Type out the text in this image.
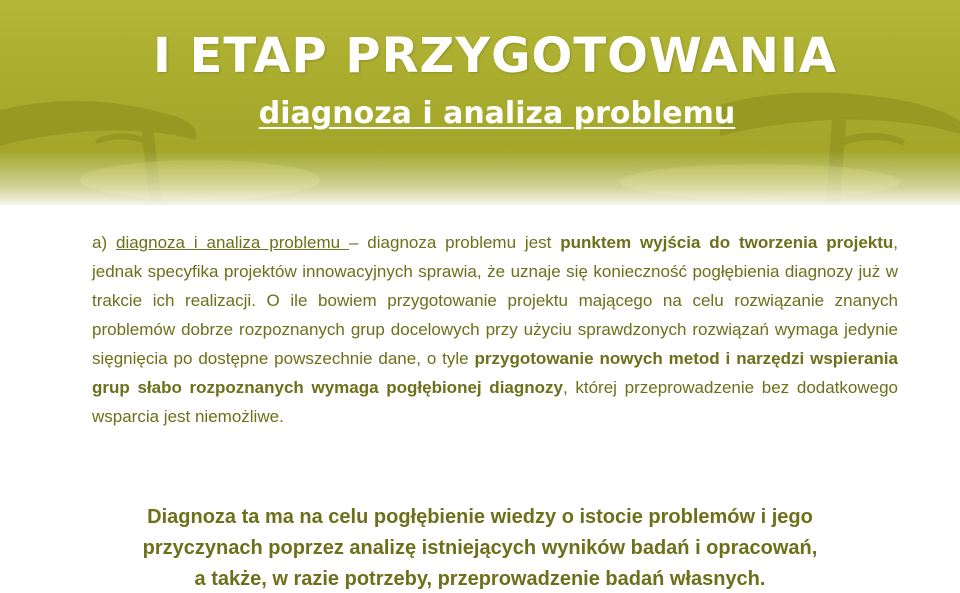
I ETAP PRZYGOTOWANIA
diagnoza i analiza problemu

a) diagnoza i analiza problemu – diagnoza problemu jest punktem wyjścia do tworzenia projektu, jednak specyfika projektów innowacyjnych sprawia, że uznaje się konieczność pogłębienia diagnozy już w trakcie ich realizacji. O ile bowiem przygotowanie projektu mającego na celu rozwiązanie znanych problemów dobrze rozpoznanych grup docelowych przy użyciu sprawdzonych rozwiązań wymaga jedynie sięgnięcia po dostępne powszechnie dane, o tyle przygotowanie nowych metod i narzędzi wspierania grup słabo rozpoznanych wymaga pogłębionej diagnozy, której przeprowadzenie bez dodatkowego wsparcia jest niemożliwe.

Diagnoza ta ma na celu pogłębienie wiedzy o istocie problemów i jego
przyczynach poprzez analizę istniejących wyników badań i opracowań,
a także, w razie potrzeby, przeprowadzenie badań własnych.
